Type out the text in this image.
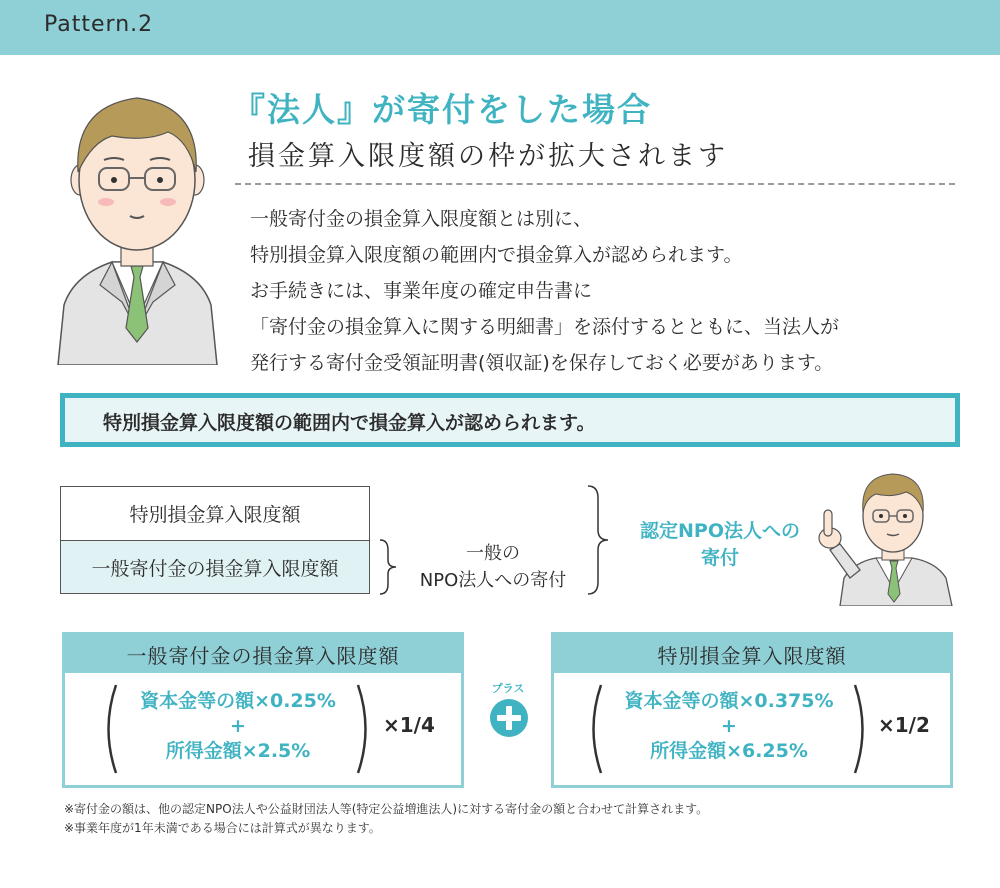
Pattern.2
『法人』が寄付をした場合
損金算入限度額の枠が拡大されます
一般寄付金の損金算入限度額とは別に、
特別損金算入限度額の範囲内で損金算入が認められます。
お手続きには、事業年度の確定申告書に
「寄付金の損金算入に関する明細書」を添付するとともに、当法人が
発行する寄付金受領証明書(領収証)を保存しておく必要があります。
特別損金算入限度額の範囲内で損金算入が認められます。
特別損金算入限度額
一般寄付金の損金算入限度額
一般の
NPO法人への寄付
認定NPO法人への
寄付
一般寄付金の損金算入限度額
資本金等の額×0.25%
+
所得金額×2.5%
×1/4
プラス
特別損金算入限度額
資本金等の額×0.375%
+
所得金額×6.25%
×1/2
※寄付金の額は、他の認定NPO法人や公益財団法人等(特定公益増進法人)に対する寄付金の額と合わせて計算されます。
※事業年度が1年未満である場合には計算式が異なります。
